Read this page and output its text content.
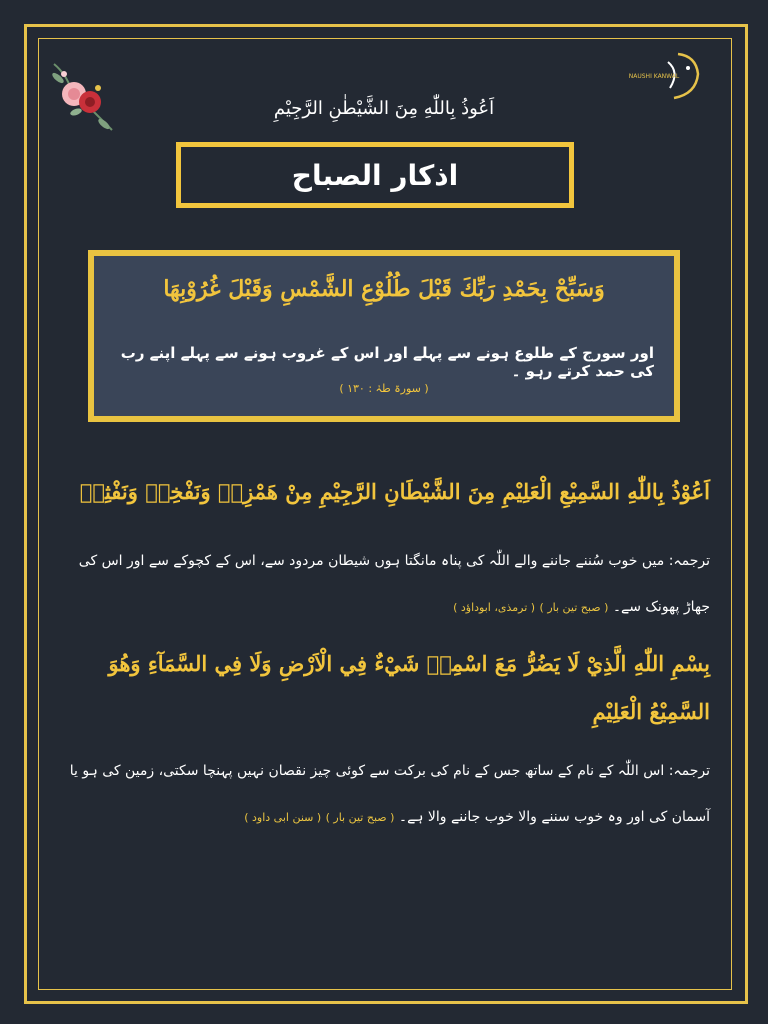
NAUSHI KANWAL
اَعُوذُ بِاللّٰهِ مِنَ الشَّيْطٰنِ الرَّجِيْمِ
اذکار الصباح
وَسَبِّحْ بِحَمْدِ رَبِّكَ قَبْلَ طُلُوْعِ الشَّمْسِ وَقَبْلَ غُرُوْبِهَا
اور سورج کے طلوع ہونے سے پہلے اور اس کے غروب ہونے سے پہلے اپنے رب کی حمد کرتے رہو ۔
( سورۃ طہٰ : ۱۳۰ )
اَعُوْذُ بِاللّٰهِ السَّمِيْعِ الْعَلِيْمِ مِنَ الشَّيْطَانِ الرَّجِيْمِ مِنْ هَمْزِهٖ وَنَفْخِهٖ وَنَفْثِهٖ
ترجمہ: میں خوب سُننے جاننے والے اللّٰہ کی پناہ مانگتا ہوں شیطان مردود سے، اس کے کچوکے سے اور اس کی جھاڑ پھونک سے۔ ( صبح تین بار ) ( ترمذی، ابوداؤد )
بِسْمِ اللّٰهِ الَّذِيْ لَا يَضُرُّ مَعَ اسْمِهٖ شَيْءٌ فِي الْاَرْضِ وَلَا فِي السَّمَآءِ وَهُوَ السَّمِيْعُ الْعَلِيْمِ
ترجمہ: اس اللّٰہ کے نام کے ساتھ جس کے نام کی برکت سے کوئی چیز نقصان نہیں پہنچا سکتی، زمین کی ہو یا آسمان کی اور وہ خوب سننے والا خوب جاننے والا ہے۔ ( صبح تین بار ) ( سنن ابی داود )
